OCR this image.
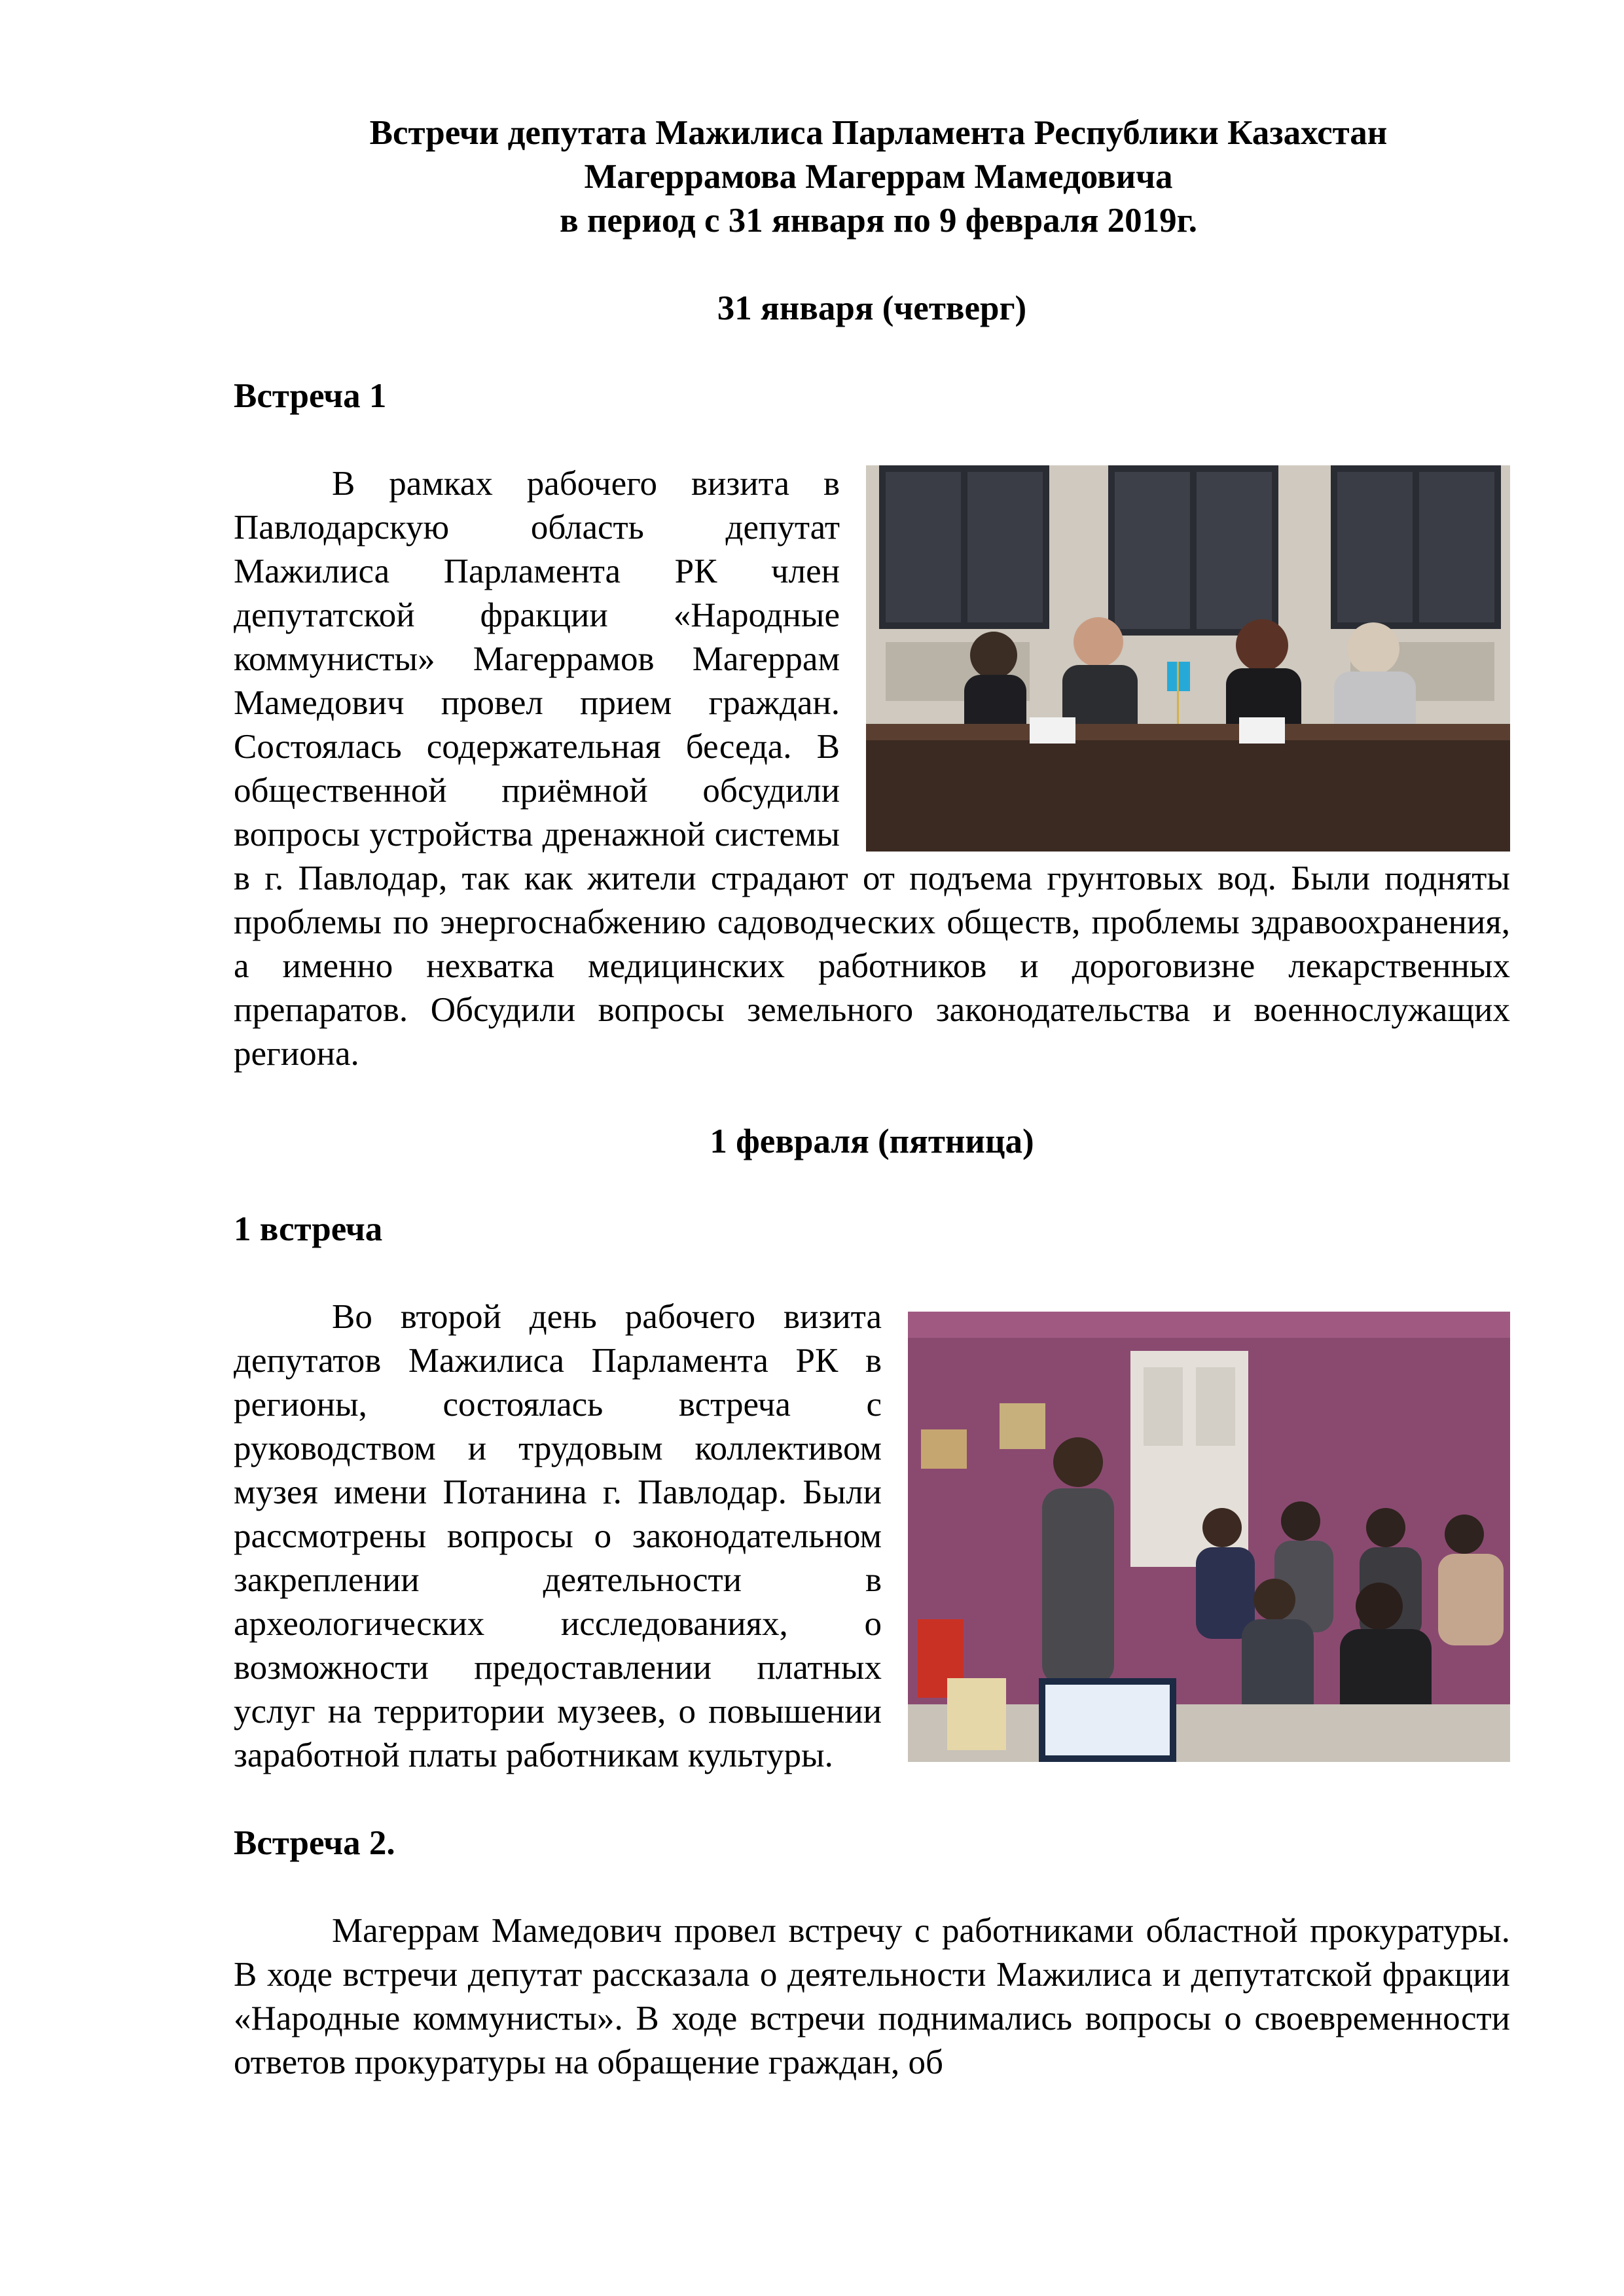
Встречи депутата Мажилиса Парламента Республики Казахстан
Магеррамова Магеррам Мамедовича
в период с 31 января по 9 февраля 2019г.
31 января (четверг)
Встреча 1
В рамках рабочего визита в Павлодарскую область депутат Мажилиса Парламента РК член депутатской фракции «Народные коммунисты» Магеррамов Магеррам Мамедович провел прием граждан. Состоялась содержательная беседа. В общественной приёмной обсудили вопросы устройства дренажной системы в г. Павлодар, так как жители страдают от подъема грунтовых вод. Были подняты проблемы по энергоснабжению садоводческих обществ, проблемы здравоохранения, а именно нехватка медицинских работников и дороговизне лекарственных препаратов. Обсудили вопросы земельного законодательства и военнослужащих региона.
1 февраля (пятница)
1 встреча
Во второй день рабочего визита депутатов Мажилиса Парламента РК в регионы, состоялась встреча с руководством и трудовым коллективом музея имени Потанина г. Павлодар. Были рассмотрены вопросы о законодательном закреплении деятельности в археологических исследованиях, о возможности предоставлении платных услуг на территории музеев, о повышении заработной платы работникам культуры.
Встреча 2.
Магеррам Мамедович провел встречу с работниками областной прокуратуры. В ходе встречи депутат рассказала о деятельности Мажилиса и депутатской фракции «Народные коммунисты». В ходе встречи поднимались вопросы о своевременности ответов прокуратуры на обращение граждан, об
